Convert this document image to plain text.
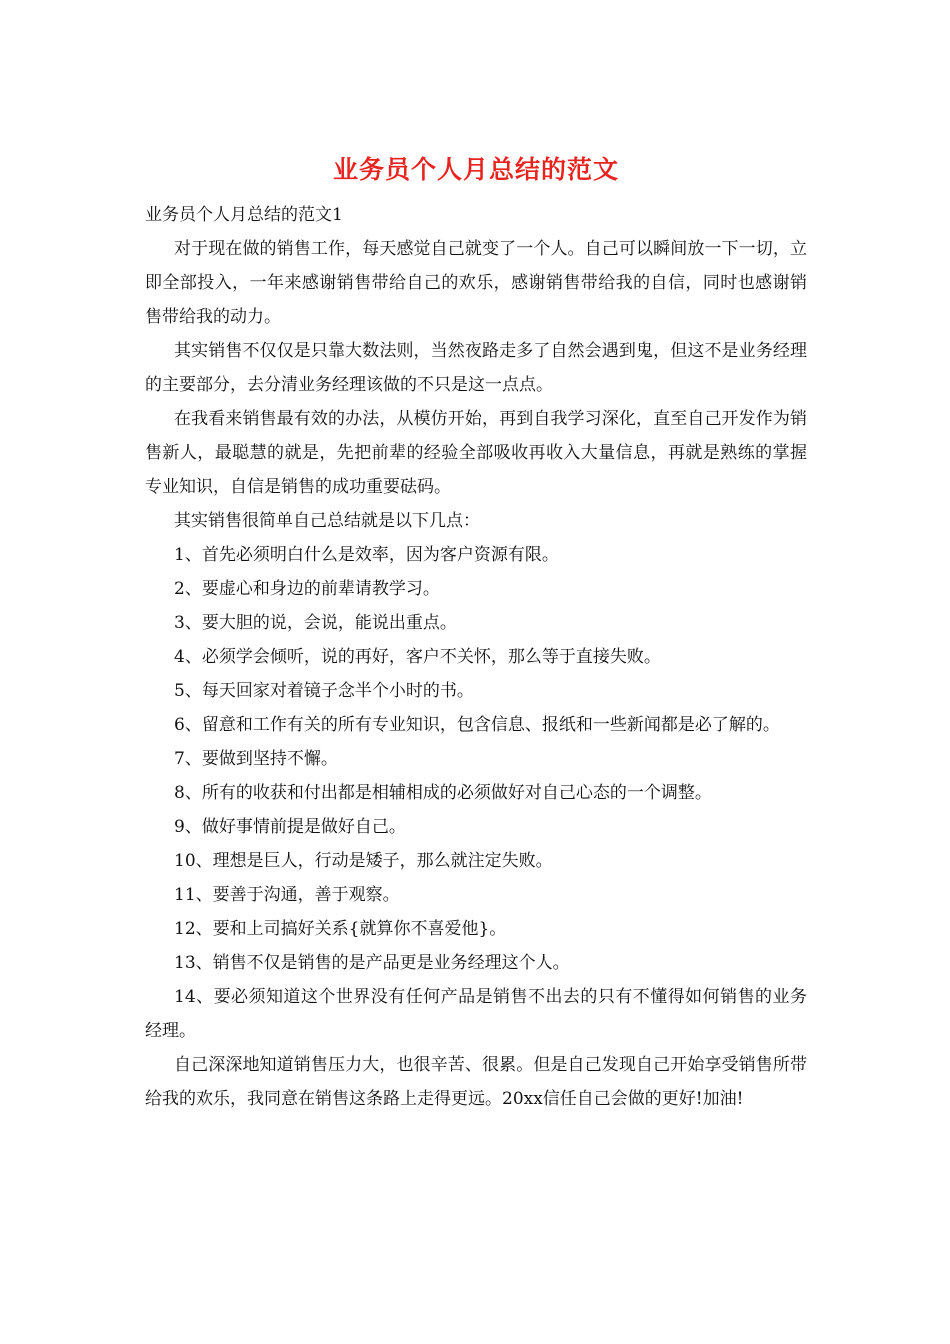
业务员个人月总结的范文

业务员个人月总结的范文1

对于现在做的销售工作，每天感觉自己就变了一个人。自己可以瞬间放一下一切，立即全部投入，一年来感谢销售带给自己的欢乐，感谢销售带给我的自信，同时也感谢销售带给我的动力。

其实销售不仅仅是只靠大数法则，当然夜路走多了自然会遇到鬼，但这不是业务经理的主要部分，去分清业务经理该做的不只是这一点点。

在我看来销售最有效的办法，从模仿开始，再到自我学习深化，直至自己开发作为销售新人，最聪慧的就是，先把前辈的经验全部吸收再收入大量信息，再就是熟练的掌握专业知识，自信是销售的成功重要砝码。

其实销售很简单自己总结就是以下几点：

1、首先必须明白什么是效率，因为客户资源有限。

2、要虚心和身边的前辈请教学习。

3、要大胆的说，会说，能说出重点。

4、必须学会倾听，说的再好，客户不关怀，那么等于直接失败。

5、每天回家对着镜子念半个小时的书。

6、留意和工作有关的所有专业知识，包含信息、报纸和一些新闻都是必了解的。

7、要做到坚持不懈。

8、所有的收获和付出都是相辅相成的必须做好对自己心态的一个调整。

9、做好事情前提是做好自己。

10、理想是巨人，行动是矮子，那么就注定失败。

11、要善于沟通，善于观察。

12、要和上司搞好关系{就算你不喜爱他}。

13、销售不仅是销售的是产品更是业务经理这个人。

14、要必须知道这个世界没有任何产品是销售不出去的只有不懂得如何销售的业务经理。

自己深深地知道销售压力大，也很辛苦、很累。但是自己发现自己开始享受销售所带给我的欢乐，我同意在销售这条路上走得更远。20xx信任自己会做的更好!加油!
